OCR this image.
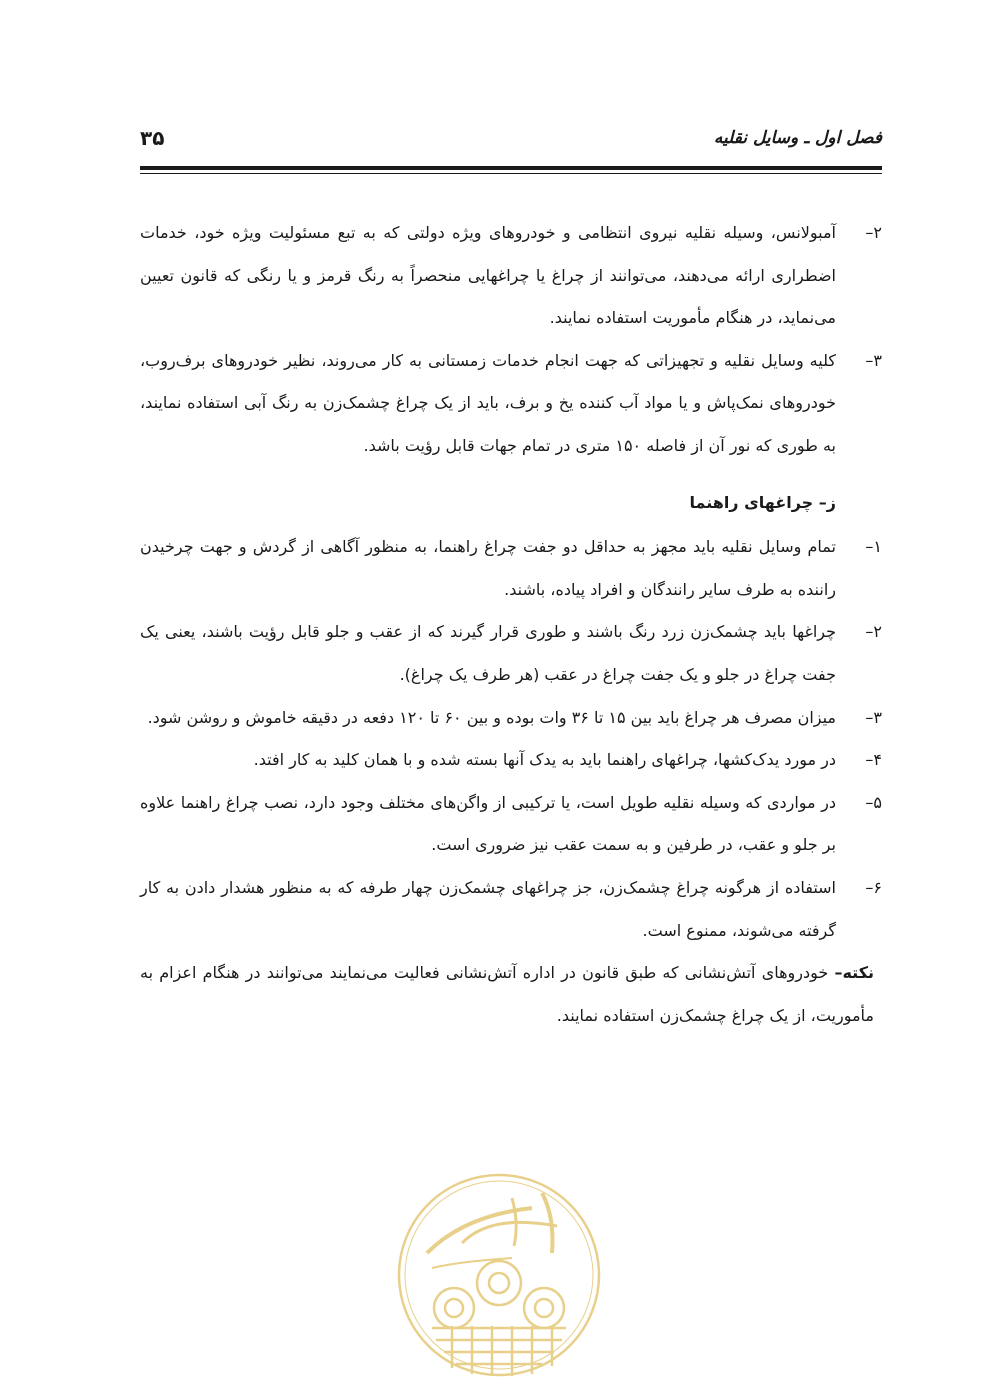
فصل اول ـ وسایل نقلیه
۳۵

۲–
آمبولانس، وسیله نقلیه نیروی انتظامی و خودروهای ویژه دولتی که به تبع مسئولیت ویژه خود، خدمات اضطراری ارائه می‌دهند، می‌توانند از چراغ یا چراغهایی منحصراً به رنگ قرمز و یا رنگی که قانون تعیین می‌نماید، در هنگام مأموریت استفاده نمایند.

۳–
کلیه وسایل نقلیه و تجهیزاتی که جهت انجام خدمات زمستانی به کار می‌روند، نظیر خودروهای برف‌روب، خودروهای نمک‌پاش و یا مواد آب کننده یخ و برف، باید از یک چراغ چشمک‌زن به رنگ آبی استفاده نمایند، به طوری که نور آن از فاصله ۱۵۰ متری در تمام جهات قابل رؤیت باشد.

ز– چراغهای راهنما

۱–
تمام وسایل نقلیه باید مجهز به حداقل دو جفت چراغ راهنما، به منظور آگاهی از گردش و جهت چرخیدن راننده به طرف سایر رانندگان و افراد پیاده، باشند.

۲–
چراغها باید چشمک‌زن زرد رنگ باشند و طوری قرار گیرند که از عقب و جلو قابل رؤیت باشند، یعنی یک جفت چراغ در جلو و یک جفت چراغ در عقب (هر طرف یک چراغ).

۳–
میزان مصرف هر چراغ باید بین ۱۵ تا ۳۶ وات بوده و بین ۶۰ تا ۱۲۰ دفعه در دقیقه خاموش و روشن شود.

۴–
در مورد یدک‌کشها، چراغهای راهنما باید به یدک آنها بسته شده و با همان کلید به کار افتد.

۵–
در مواردی که وسیله نقلیه طویل است، یا ترکیبی از واگن‌های مختلف وجود دارد، نصب چراغ راهنما علاوه بر جلو و عقب، در طرفین و به سمت عقب نیز ضروری است.

۶–
استفاده از هرگونه چراغ چشمک‌زن، جز چراغهای چشمک‌زن چهار طرفه که به منظور هشدار دادن به کار گرفته می‌شوند، ممنوع است.

نکته– خودروهای آتش‌نشانی که طبق قانون در اداره آتش‌نشانی فعالیت می‌نمایند می‌توانند در هنگام اعزام به مأموریت، از یک چراغ چشمک‌زن استفاده نمایند.
